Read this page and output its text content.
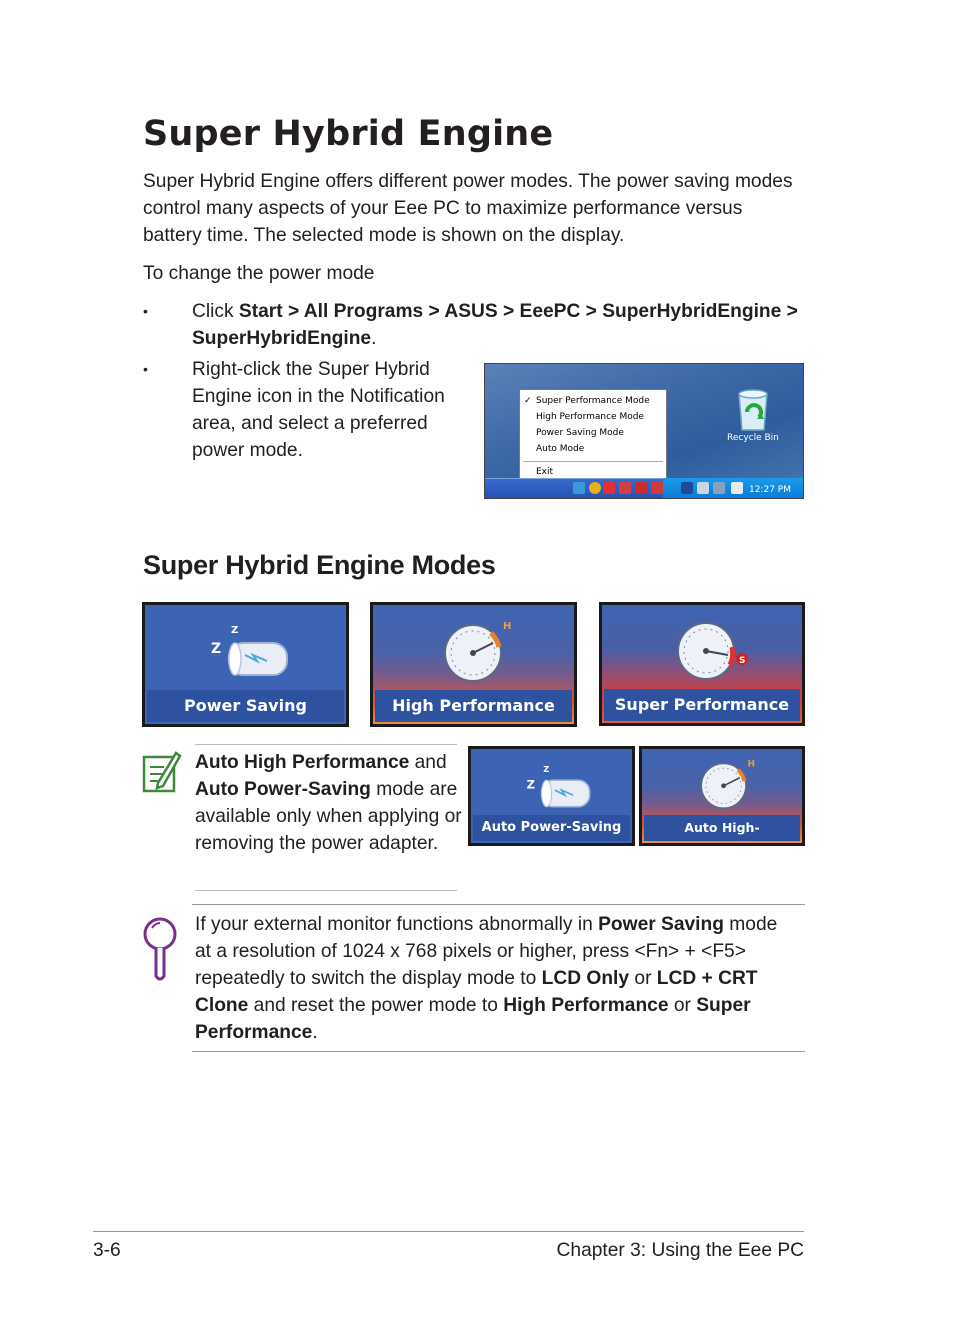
Super Hybrid Engine
Super Hybrid Engine offers different power modes. The power saving modes control many aspects of your Eee PC to maximize performance versus battery time. The selected mode is shown on the display.
To change the power mode
• Click Start > All Programs > ASUS > EeePC > SuperHybridEngine > SuperHybridEngine.
• Right-click the Super Hybrid Engine icon in the Notification area, and select a preferred power mode.
Recycle Bin
✓ Super Performance Mode
High Performance Mode
Power Saving Mode
Auto Mode
Exit
12:27 PM
Super Hybrid Engine Modes
Z
Z
Power Saving
H
High Performance
S
Super Performance
Auto High Performance and Auto Power-Saving mode are available only when applying or removing the power adapter.
Z
Z
Auto Power-Saving
H
Auto High-Performance
If your external monitor functions abnormally in Power Saving mode at a resolution of 1024 x 768 pixels or higher, press <Fn> + <F5> repeatedly to switch the display mode to LCD Only or LCD + CRT Clone and reset the power mode to High Performance or Super Performance.
3-6	Chapter 3: Using the Eee PC
